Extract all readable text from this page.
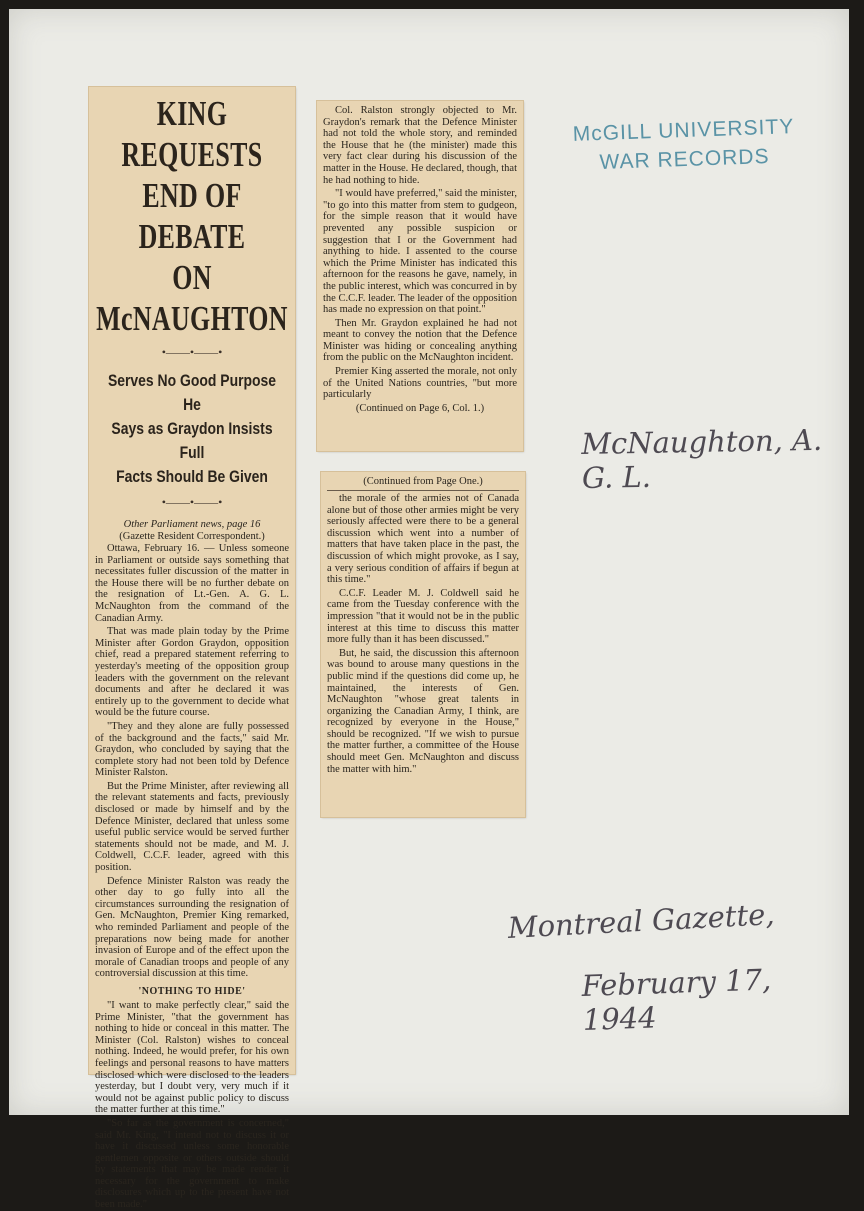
KING REQUESTS
END OF DEBATE
ON McNAUGHTON
•——•——•
Serves No Good Purpose He
Says as Graydon Insists Full
Facts Should Be Given
•——•——•
Other Parliament news, page 16
(Gazette Resident Correspondent.)

Ottawa, February 16. — Unless someone in Parliament or outside says something that necessitates fuller discussion of the matter in the House there will be no further debate on the resignation of Lt.-Gen. A. G. L. McNaughton from the command of the Canadian Army.

That was made plain today by the Prime Minister after Gordon Graydon, opposition chief, read a prepared statement referring to yesterday's meeting of the opposition group leaders with the government on the relevant documents and after he declared it was entirely up to the government to decide what would be the future course.

"They and they alone are fully possessed of the background and the facts," said Mr. Graydon, who concluded by saying that the complete story had not been told by Defence Minister Ralston.

But the Prime Minister, after reviewing all the relevant statements and facts, previously disclosed or made by himself and by the Defence Minister, declared that unless some useful public service would be served further statements should not be made, and M. J. Coldwell, C.C.F. leader, agreed with this position.

Defence Minister Ralston was ready the other day to go fully into all the circumstances surrounding the resignation of Gen. McNaughton, Premier King remarked, who reminded Parliament and people of the preparations now being made for another invasion of Europe and of the effect upon the morale of Canadian troops and people of any controversial discussion at this time.

'NOTHING TO HIDE'

"I want to make perfectly clear," said the Prime Minister, "that the government has nothing to hide or conceal in this matter. The Minister (Col. Ralston) wishes to conceal nothing. Indeed, he would prefer, for his own feelings and personal reasons to have matters disclosed which were disclosed to the leaders yesterday, but I doubt very, very much if it would not be against public policy to discuss the matter further at this time."

"So far as the government is concerned," said Mr. King, "I intend not to discuss it or have it discussed unless some honorable gentlemen opposite or others outside should by statements that may be made render it necessary for the government to make disclosures which up to the present have not been made."

Col. Ralston strongly objected to Mr. Graydon's remark that the Defence Minister had not told the whole story, and reminded the House that he (the minister) made this very fact clear during his discussion of the matter in the House. He declared, though, that he had nothing to hide.

"I would have preferred," said the minister, "to go into this matter from stem to gudgeon, for the simple reason that it would have prevented any possible suspicion or suggestion that I or the Government had anything to hide. I assented to the course which the Prime Minister has indicated this afternoon for the reasons he gave, namely, in the public interest, which was concurred in by the C.C.F. leader. The leader of the opposition has made no expression on that point."

Then Mr. Graydon explained he had not meant to convey the notion that the Defence Minister was hiding or concealing anything from the public on the McNaughton incident.

Premier King asserted the morale, not only of the United Nations countries, "but more particularly

(Continued on Page 6, Col. 1.)
(Continued from Page One.)

the morale of the armies not of Canada alone but of those other armies might be very seriously affected were there to be a general discussion which went into a number of matters that have taken place in the past, the discussion of which might provoke, as I say, a very serious condition of affairs if begun at this time."

C.C.F. Leader M. J. Coldwell said he came from the Tuesday conference with the impression "that it would not be in the public interest at this time to discuss this matter more fully than it has been discussed."

But, he said, the discussion this afternoon was bound to arouse many questions in the public mind if the questions did come up, he maintained, the interests of Gen. McNaughton "whose great talents in organizing the Canadian Army, I think, are recognized by everyone in the House," should be recognized. "If we wish to pursue the matter further, a committee of the House should meet Gen. McNaughton and discuss the matter with him."

McGILL UNIVERSITY
WAR RECORDS
McNaughton, A. G. L.
Montreal Gazette,
February 17, 1944
